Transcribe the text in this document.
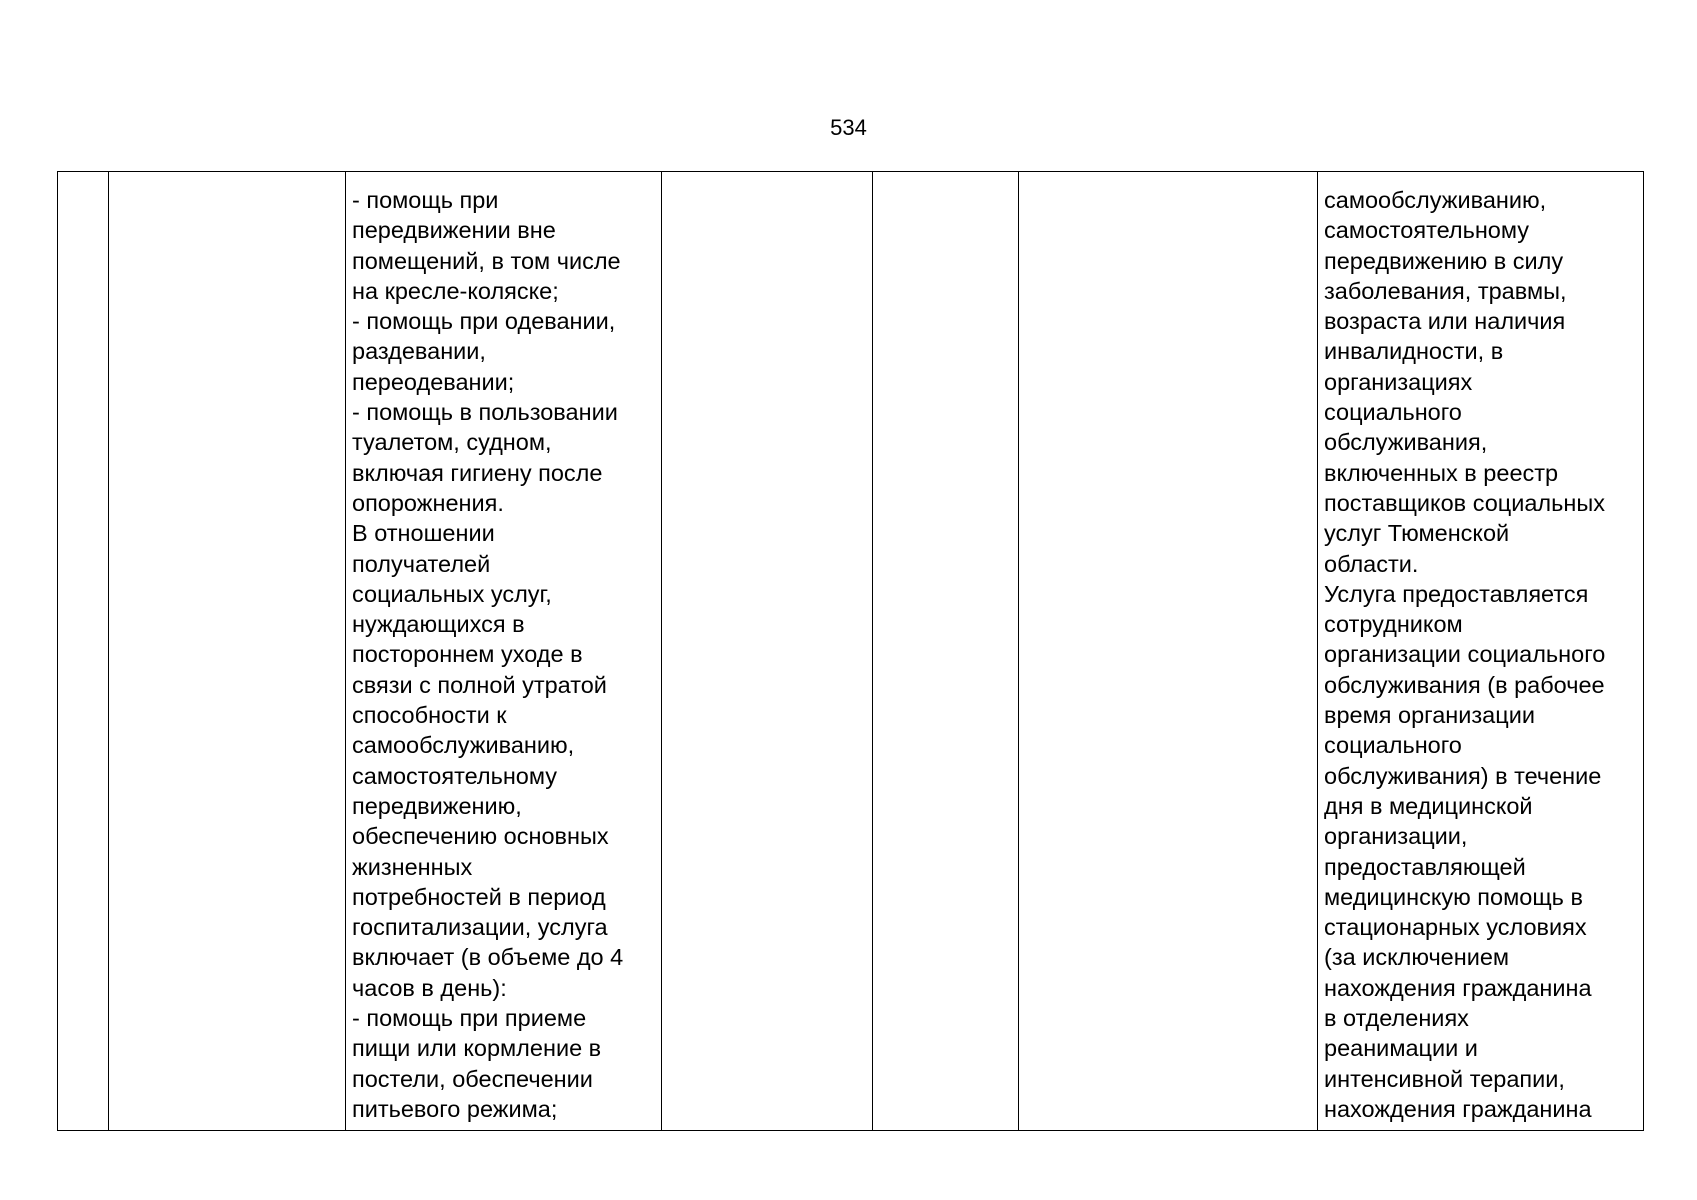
534

- помощь при
передвижении вне
помещений, в том числе
на кресле-коляске;
- помощь при одевании,
раздевании,
переодевании;
- помощь в пользовании
туалетом, судном,
включая гигиену после
опорожнения.
В отношении
получателей
социальных услуг,
нуждающихся в
постороннем уходе в
связи с полной утратой
способности к
самообслуживанию,
самостоятельному
передвижению,
обеспечению основных
жизненных
потребностей в период
госпитализации, услуга
включает (в объеме до 4
часов в день):
- помощь при приеме
пищи или кормление в
постели, обеспечении
питьевого режима;

самообслуживанию,
самостоятельному
передвижению в силу
заболевания, травмы,
возраста или наличия
инвалидности, в
организациях
социального
обслуживания,
включенных в реестр
поставщиков социальных
услуг Тюменской
области.
Услуга предоставляется
сотрудником
организации социального
обслуживания (в рабочее
время организации
социального
обслуживания) в течение
дня в медицинской
организации,
предоставляющей
медицинскую помощь в
стационарных условиях
(за исключением
нахождения гражданина
в отделениях
реанимации и
интенсивной терапии,
нахождения гражданина
